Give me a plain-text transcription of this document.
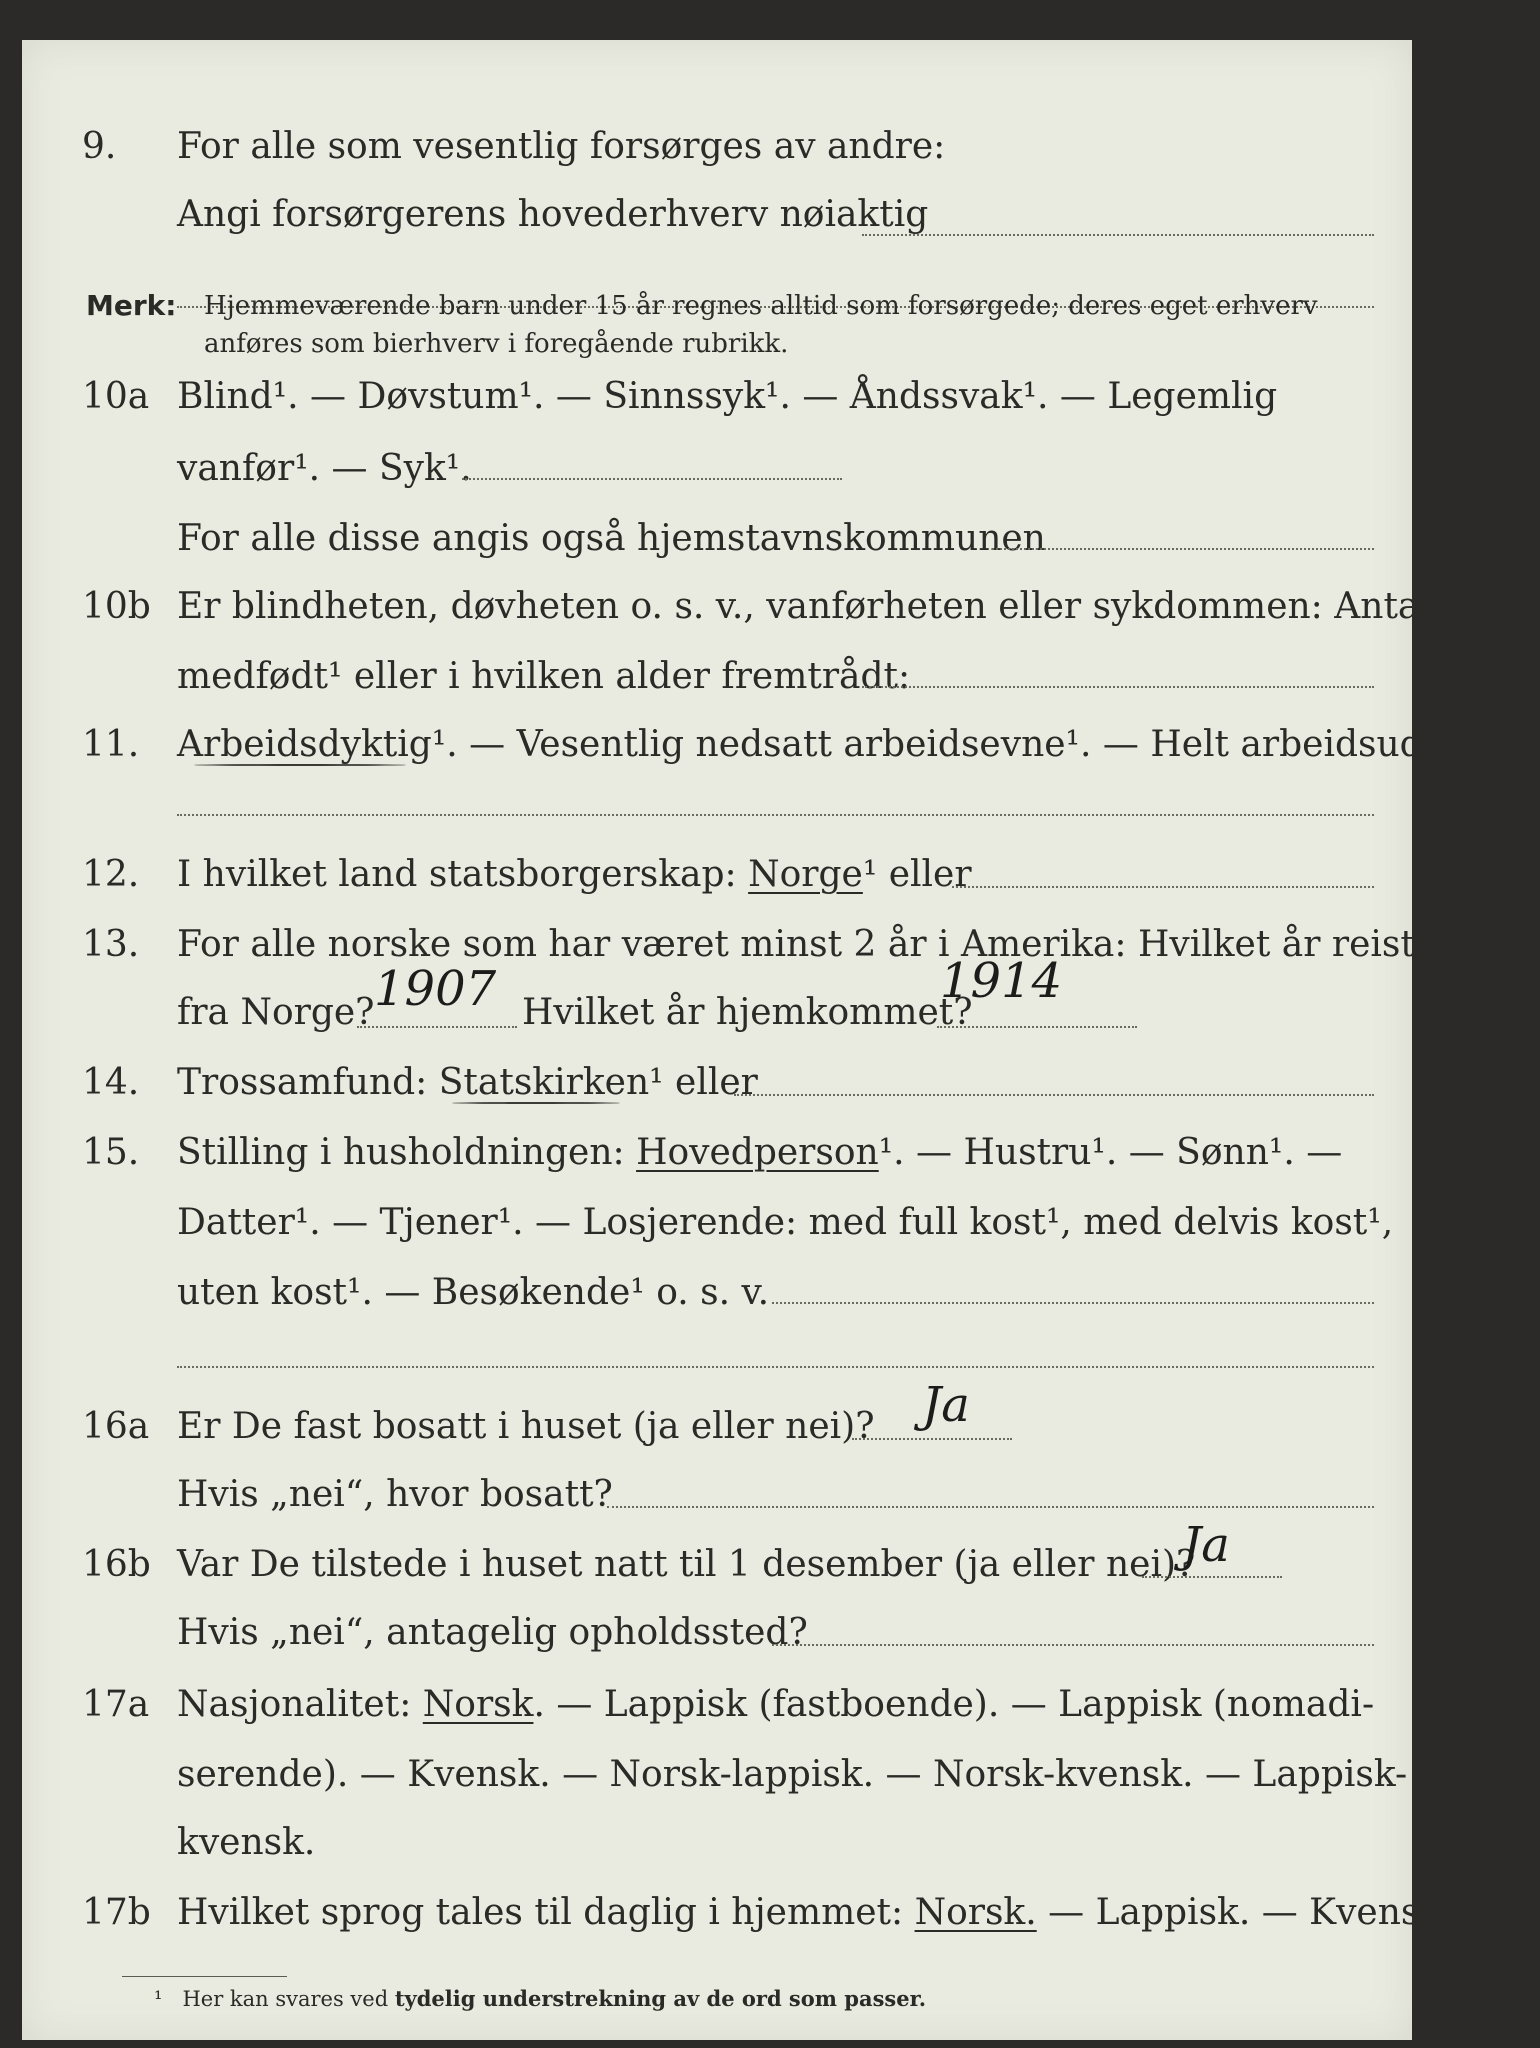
9.	For alle som vesentlig forsørges av andre:
Angi forsørgerens hovederhverv nøiaktig
Merk: Hjemmeværende barn under 15 år regnes alltid som forsørgede; deres eget erhverv
anføres som bierhverv i foregående rubrikk.
10a Blind¹. — Døvstum¹. — Sinnssyk¹. — Åndssvak¹. — Legemlig
vanfør¹. — Syk¹.
For alle disse angis også hjemstavnskommunen
10b Er blindheten, døvheten o. s. v., vanførheten eller sykdommen: Antagelig
medfødt¹ eller i hvilken alder fremtrådt:
11.	Arbeidsdyktig¹. — Vesentlig nedsatt arbeidsevne¹. — Helt arbeidsudyktig¹.
12.	I hvilket land statsborgerskap: Norge¹ eller
13.	For alle norske som har været minst 2 år i Amerika: Hvilket år reist
fra Norge?	Hvilket år hjemkommet?
1907	1914
14.	Trossamfund: Statskirken¹ eller
15.	Stilling i husholdningen: Hovedperson¹. — Hustru¹. — Sønn¹. —
Datter¹. — Tjener¹. — Losjerende: med full kost¹, med delvis kost¹,
uten kost¹. — Besøkende¹ o. s. v.
16a Er De fast bosatt i huset (ja eller nei)? Ja
Hvis „nei“, hvor bosatt?
16b Var De tilstede i huset natt til 1 desember (ja eller nei)?
Ja
Hvis „nei“, antagelig opholdssted?
17a Nasjonalitet: Norsk. — Lappisk (fastboende). — Lappisk (nomadi-
serende). — Kvensk. — Norsk-lappisk. — Norsk-kvensk. — Lappisk-
kvensk.
17b Hvilket sprog tales til daglig i hjemmet: Norsk. — Lappisk. — Kvensk.
¹ Her kan svares ved tydelig understrekning av de ord som passer.
